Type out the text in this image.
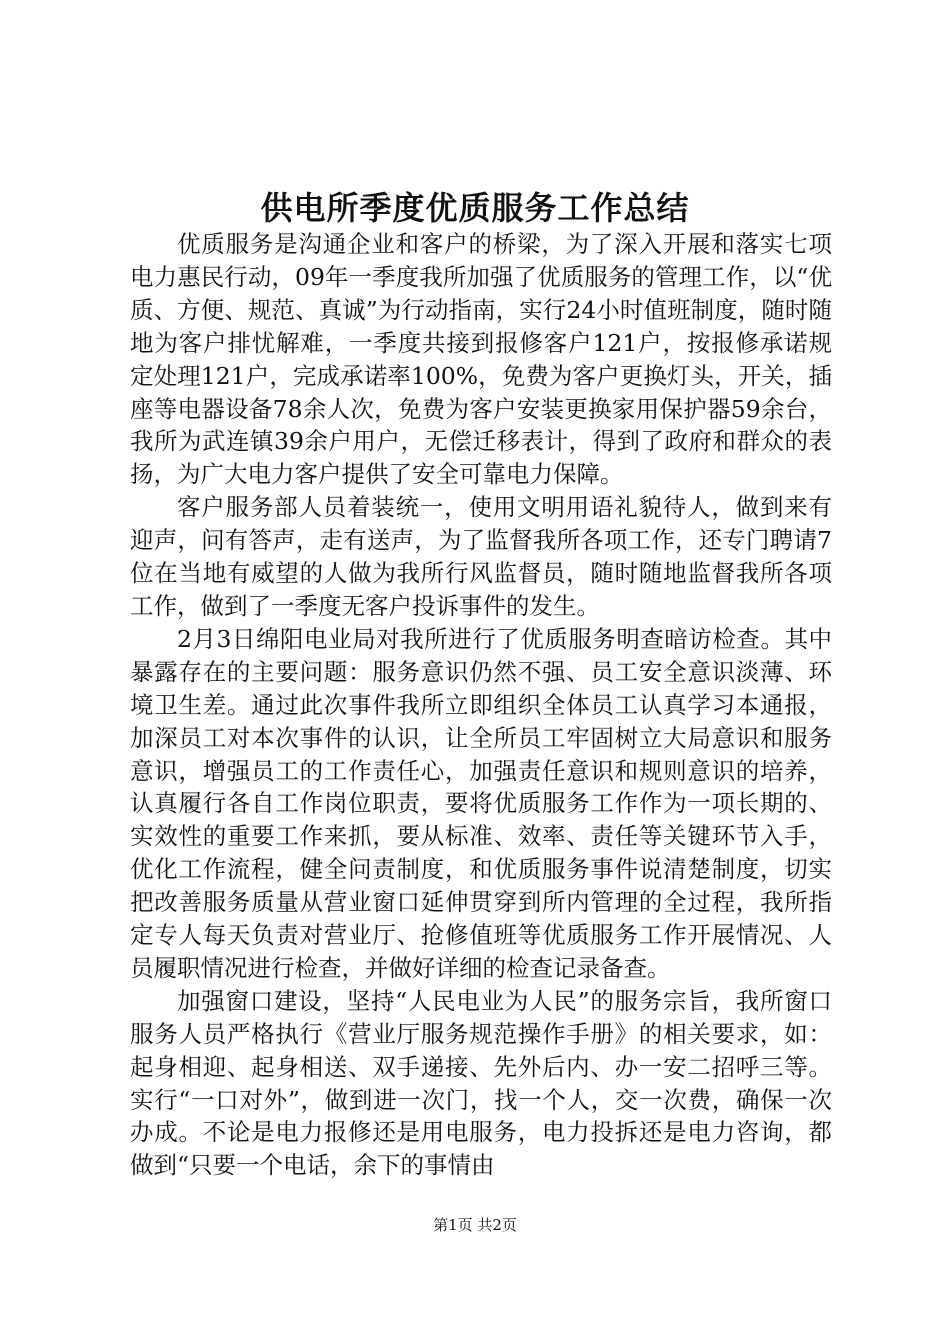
供电所季度优质服务工作总结

优质服务是沟通企业和客户的桥梁，为了深入开展和落实七项电力惠民行动，09年一季度我所加强了优质服务的管理工作，以“优质、方便、规范、真诚”为行动指南，实行24小时值班制度，随时随地为客户排忧解难，一季度共接到报修客户121户，按报修承诺规定处理121户，完成承诺率100%，免费为客户更换灯头，开关，插座等电器设备78余人次，免费为客户安装更换家用保护器59余台，我所为武连镇39余户用户，无偿迁移表计，得到了政府和群众的表扬，为广大电力客户提供了安全可靠电力保障。

客户服务部人员着装统一，使用文明用语礼貌待人，做到来有迎声，问有答声，走有送声，为了监督我所各项工作，还专门聘请7位在当地有威望的人做为我所行风监督员，随时随地监督我所各项工作，做到了一季度无客户投诉事件的发生。

2月3日绵阳电业局对我所进行了优质服务明查暗访检查。其中暴露存在的主要问题：服务意识仍然不强、员工安全意识淡薄、环境卫生差。通过此次事件我所立即组织全体员工认真学习本通报，加深员工对本次事件的认识，让全所员工牢固树立大局意识和服务意识，增强员工的工作责任心，加强责任意识和规则意识的培养，认真履行各自工作岗位职责，要将优质服务工作作为一项长期的、实效性的重要工作来抓，要从标准、效率、责任等关键环节入手，优化工作流程，健全问责制度，和优质服务事件说清楚制度，切实把改善服务质量从营业窗口延伸贯穿到所内管理的全过程，我所指定专人每天负责对营业厅、抢修值班等优质服务工作开展情况、人员履职情况进行检查，并做好详细的检查记录备查。

加强窗口建设，坚持“人民电业为人民”的服务宗旨，我所窗口服务人员严格执行《营业厅服务规范操作手册》的相关要求，如：起身相迎、起身相送、双手递接、先外后内、办一安二招呼三等。实行“一口对外”，做到进一次门，找一个人，交一次费，确保一次办成。不论是电力报修还是用电服务，电力投拆还是电力咨询，都做到“只要一个电话，余下的事情由

第1页 共2页
